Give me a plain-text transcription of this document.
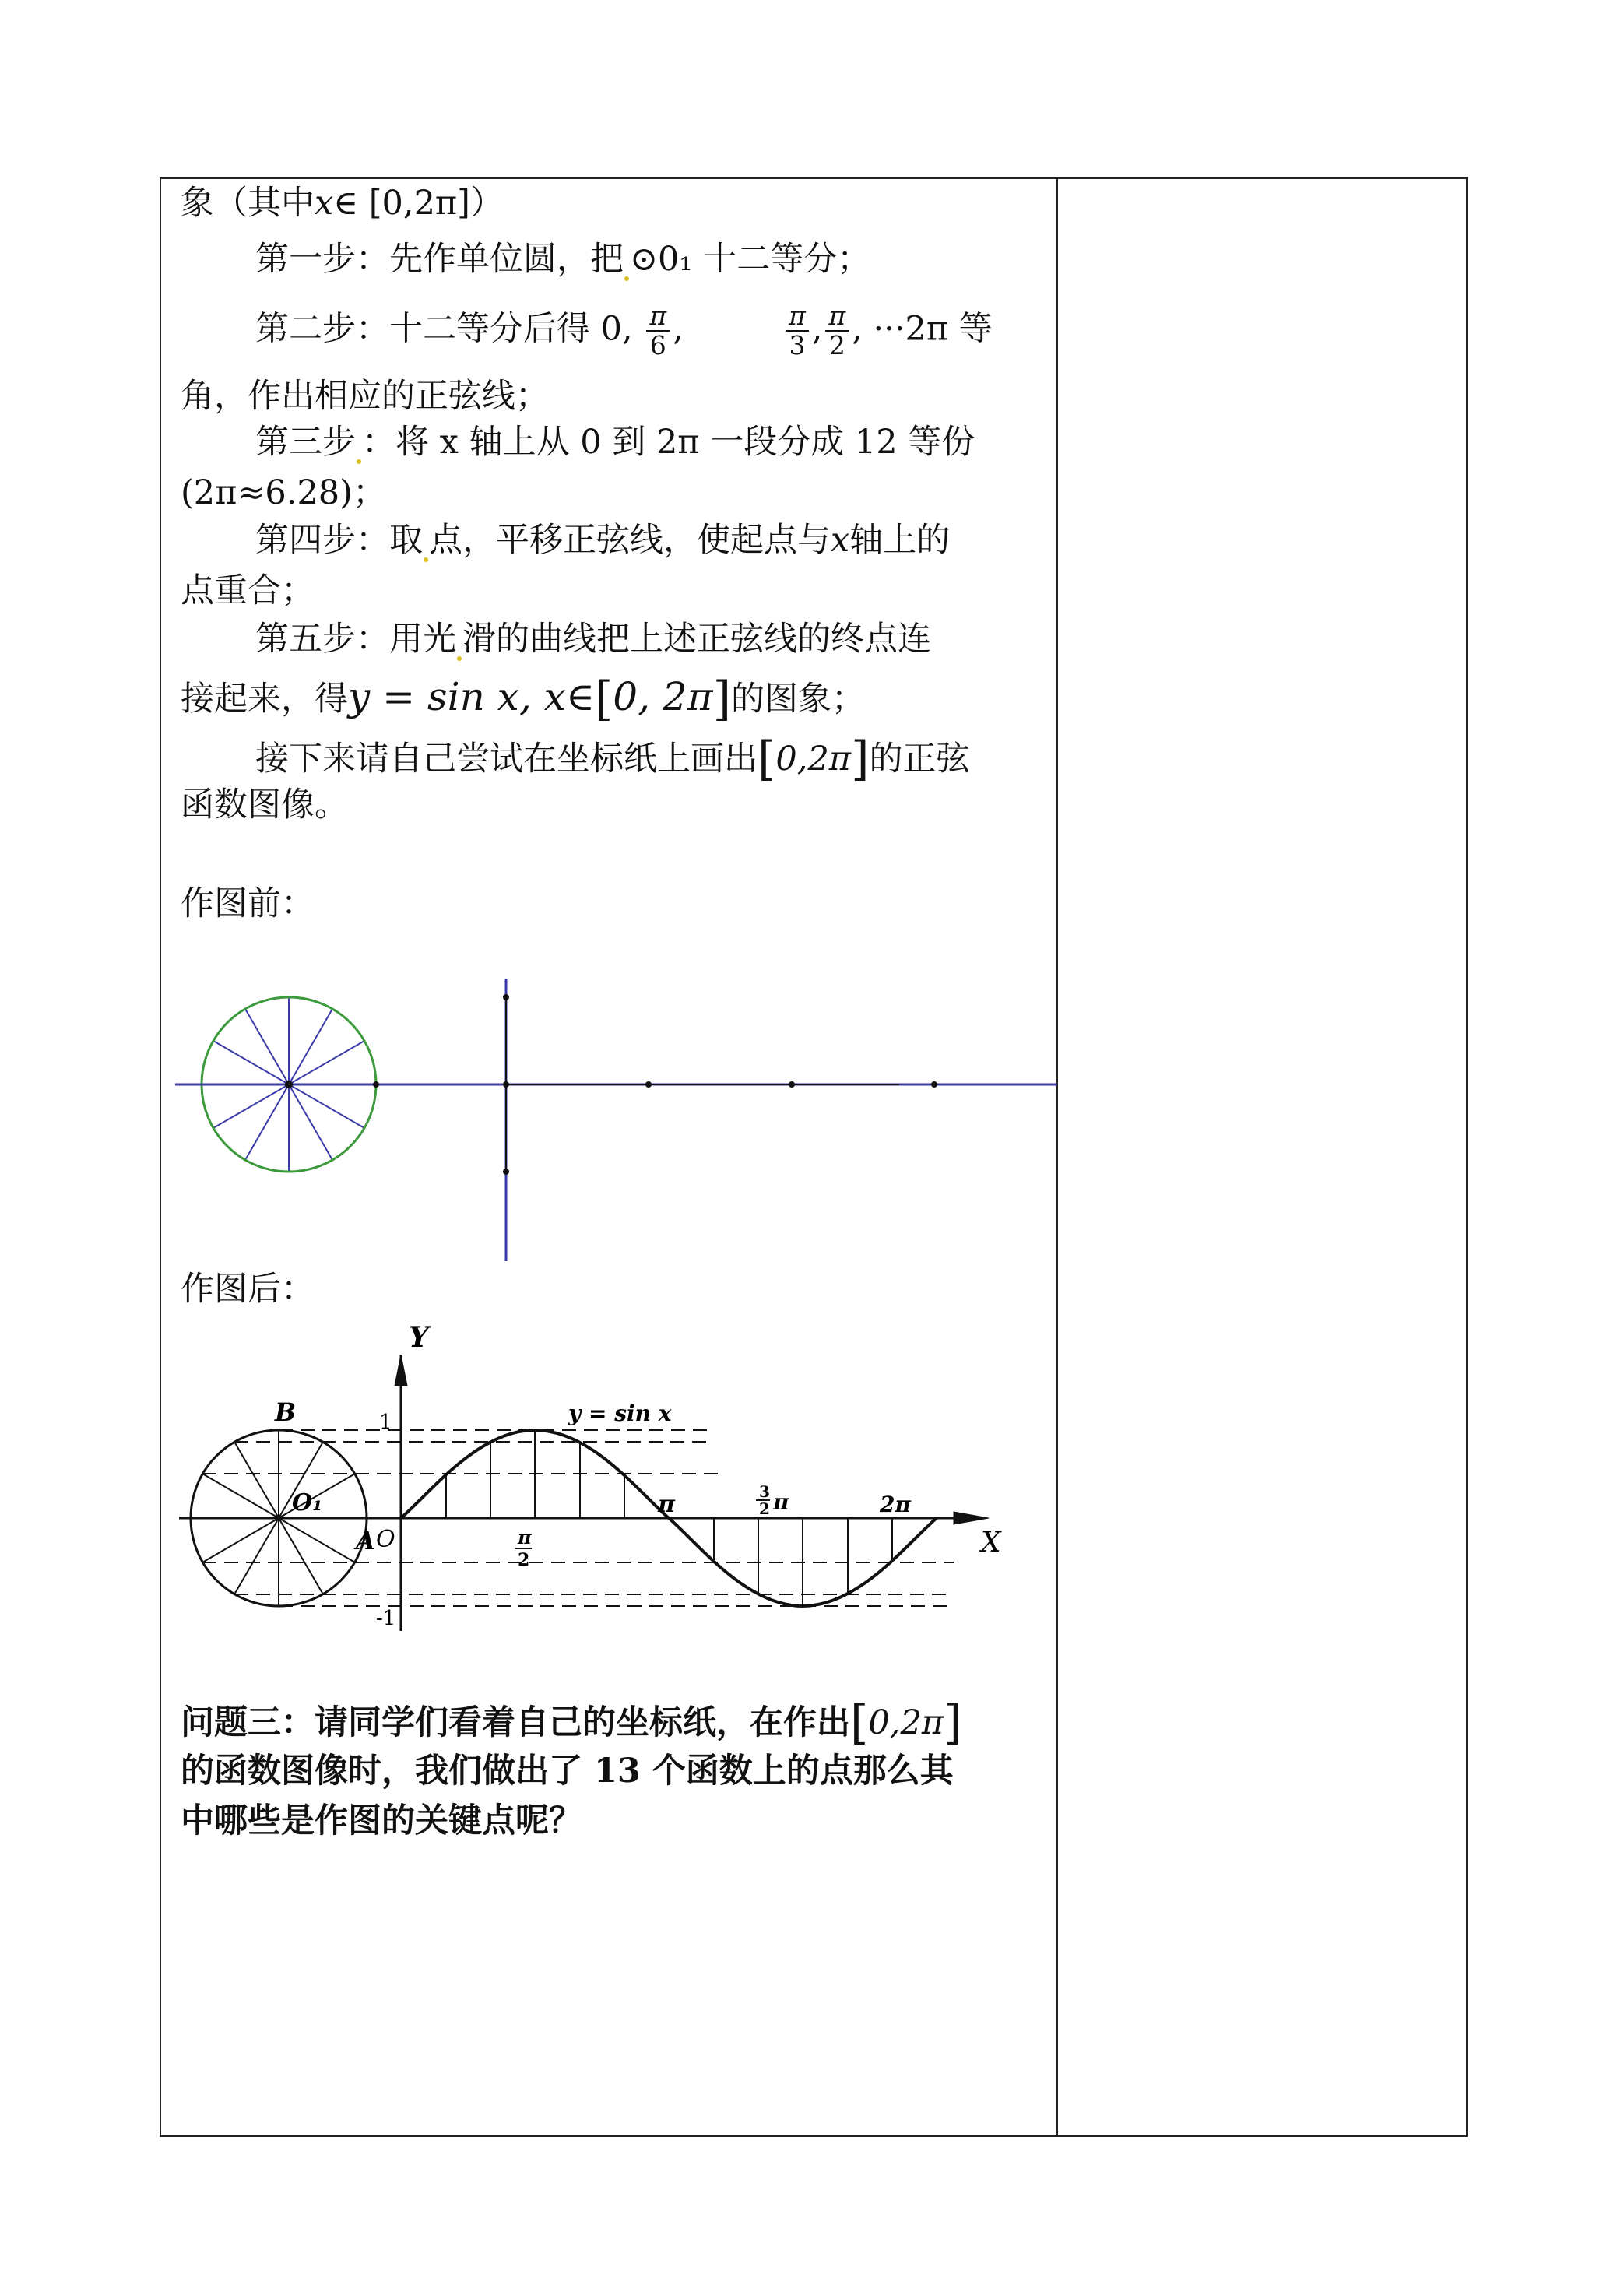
象（其中x∈ [0,2π]）
第一步：先作单位圆，把 ⊙0₁ 十二等分；
第二步：十二等分后得 0, $\frac{\pi}{6}$ ,	$\frac{\pi}{3}$ , $\frac{\pi}{2}$ , ···2π 等
角，作出相应的正弦线；
第三步 ：将 x 轴上从 0 到 2π 一段分成 12 等份
(2π≈6.28)；
第四步：取 点，平移正弦线，使起点与x轴上的
点重合；
第五步：用光 滑的曲线把上述正弦线的终点连
接起来，得y = sin x, x∈[0, 2π]的图象；
接下来请自己尝试在坐标纸上画出[0,2π]的正弦
函数图像。
作图前：
作图后：
Y
X
1
-1
B
A O
O₁
y = sin x
π
2
π	3
2 π	2π
问题三：请同学们看着自己的坐标纸，在作出[0,2π]
的函数图像时，我们做出了 13 个函数上的点那么其
中哪些是作图的关键点呢？
